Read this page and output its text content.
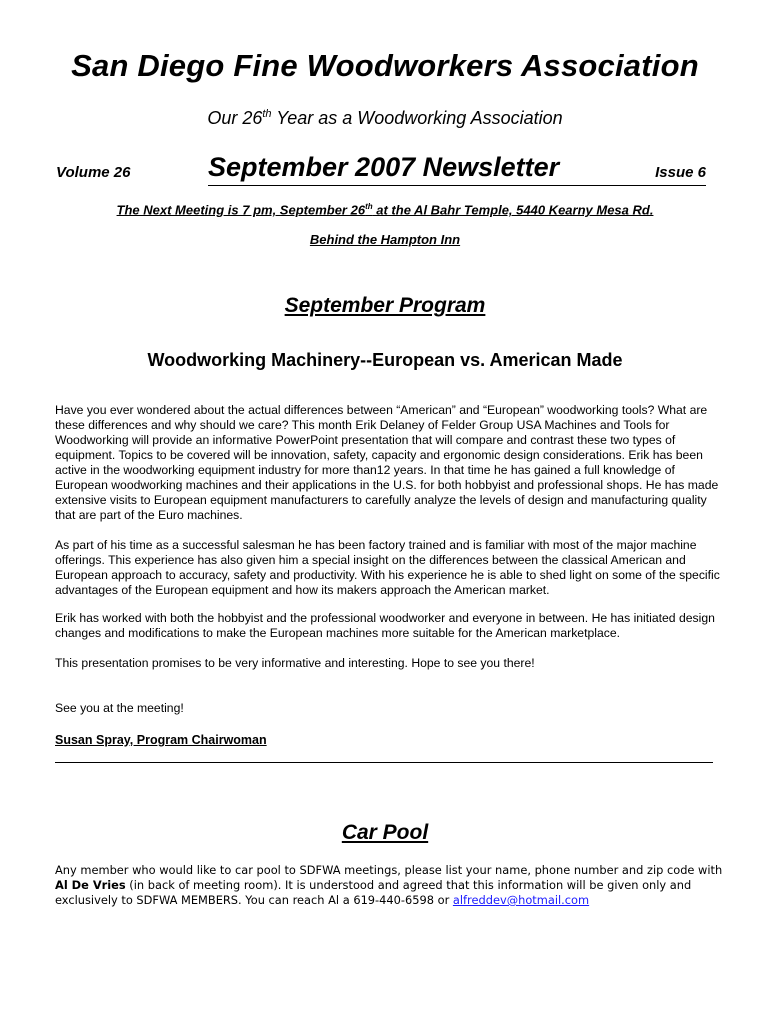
San Diego Fine Woodworkers Association
Our 26th Year as a Woodworking Association
Volume 26	September 2007 Newsletter	Issue 6
The Next Meeting is 7 pm, September 26th at the Al Bahr Temple, 5440 Kearny Mesa Rd.
Behind the Hampton Inn
September Program
Woodworking Machinery--European vs. American Made

Have you ever wondered about the actual differences between “American” and “European” woodworking tools? What are these differences and why should we care? This month Erik Delaney of Felder Group USA Machines and Tools for Woodworking will provide an informative PowerPoint presentation that will compare and contrast these two types of equipment. Topics to be covered will be innovation, safety, capacity and ergonomic design considerations. Erik has been active in the woodworking equipment industry for more than12 years. In that time he has gained a full knowledge of European woodworking machines and their applications in the U.S. for both hobbyist and professional shops. He has made extensive visits to European equipment manufacturers to carefully analyze the levels of design and manufacturing quality that are part of the Euro machines.

As part of his time as a successful salesman he has been factory trained and is familiar with most of the major machine offerings. This experience has also given him a special insight on the differences between the classical American and European approach to accuracy, safety and productivity. With his experience he is able to shed light on some of the specific advantages of the European equipment and how its makers approach the American market.

Erik has worked with both the hobbyist and the professional woodworker and everyone in between. He has initiated design changes and modifications to make the European machines more suitable for the American marketplace.

This presentation promises to be very informative and interesting. Hope to see you there!

See you at the meeting!

Susan Spray, Program Chairwoman
Car Pool

Any member who would like to car pool to SDFWA meetings, please list your name, phone number and zip code with Al De Vries (in back of meeting room). It is understood and agreed that this information will be given only and exclusively to SDFWA MEMBERS. You can reach Al a 619-440-6598 or alfreddev@hotmail.com
